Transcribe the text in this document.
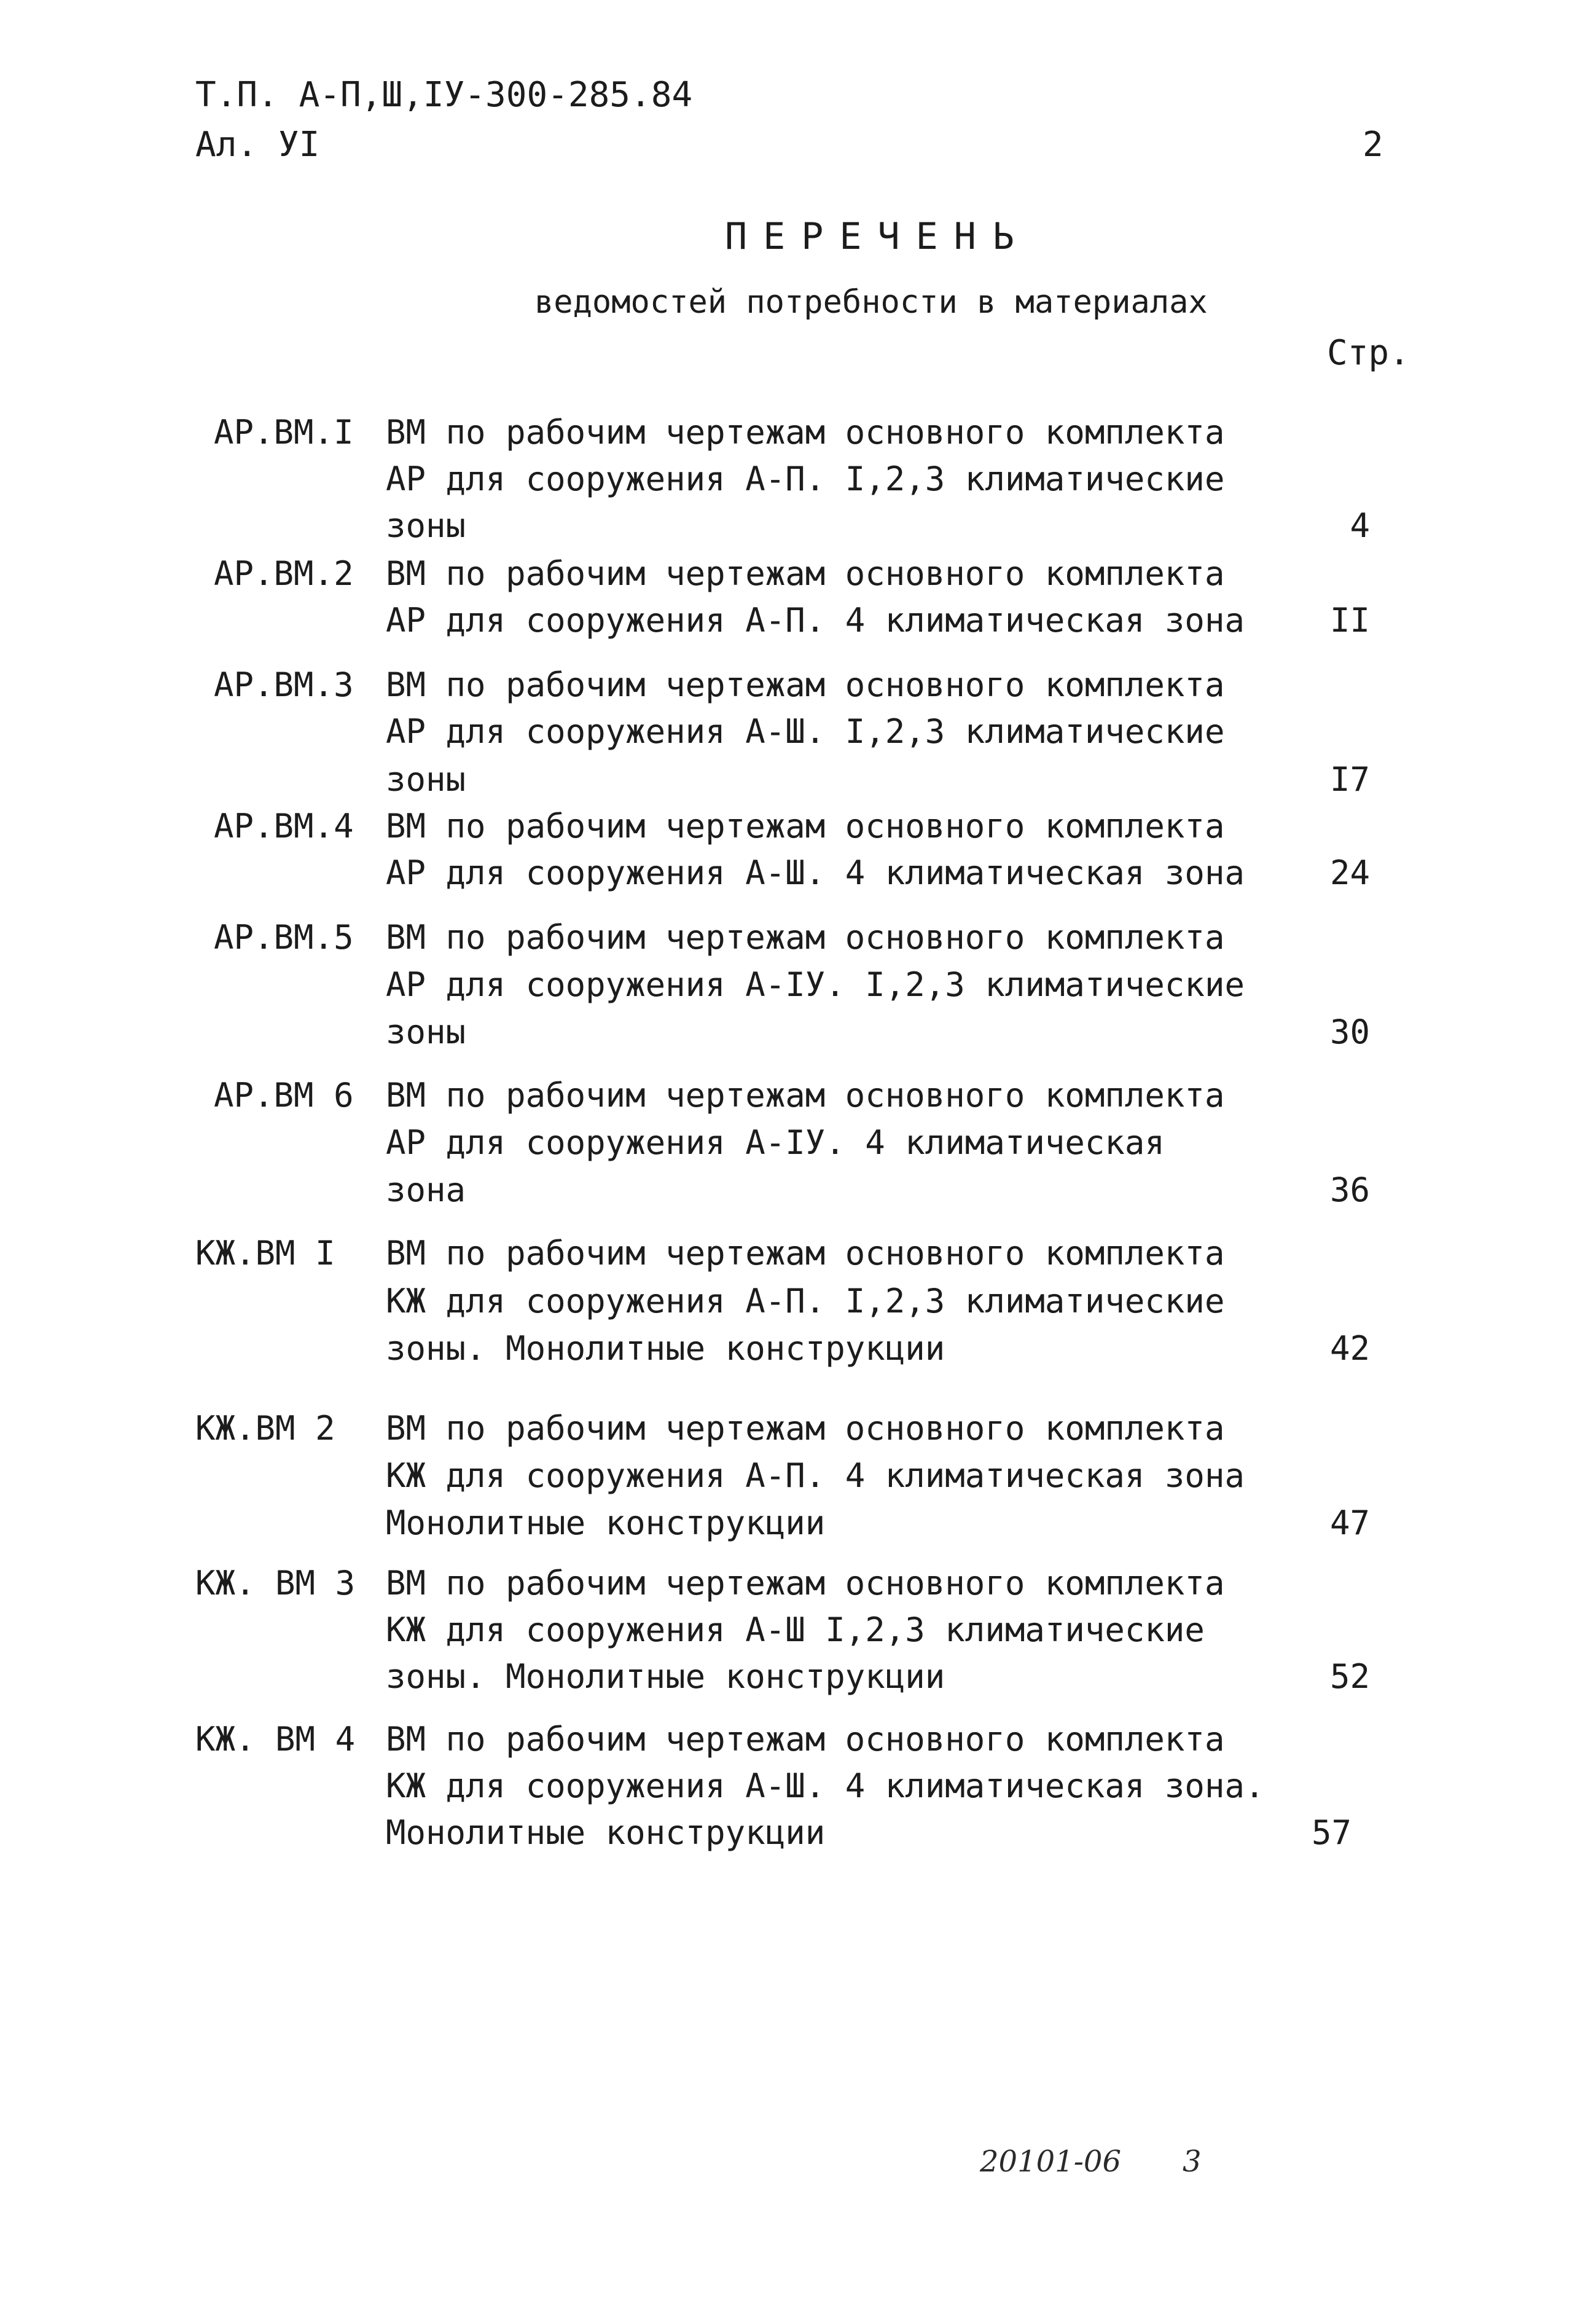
Т.П. А-П,Ш,IУ-300-285.84
Ал. УI	2
ПЕРЕЧЕНЬ
ведомостей потребности в материалах
Стр.
АР.ВМ.I ВМ по рабочим чертежам основного комплекта
АР для сооружения А-П. I,2,3 климатические
зоны	4
АР.ВМ.2 ВМ по рабочим чертежам основного комплекта
АР для сооружения А-П. 4 климатическая зона	II
АР.ВМ.3 ВМ по рабочим чертежам основного комплекта
АР для сооружения А-Ш. I,2,3 климатические
зоны	I7
АР.ВМ.4 ВМ по рабочим чертежам основного комплекта
АР для сооружения А-Ш. 4 климатическая зона	24
АР.ВМ.5 ВМ по рабочим чертежам основного комплекта
АР для сооружения А-IУ. I,2,3 климатические
зоны	30
АР.ВМ 6 ВМ по рабочим чертежам основного комплекта
АР для сооружения А-IУ. 4 климатическая
зона	36
КЖ.ВМ I ВМ по рабочим чертежам основного комплекта
КЖ для сооружения А-П. I,2,3 климатические
зоны. Монолитные конструкции	42
КЖ.ВМ 2 ВМ по рабочим чертежам основного комплекта
КЖ для сооружения А-П. 4 климатическая зона
Монолитные конструкции	47
КЖ. ВМ 3 ВМ по рабочим чертежам основного комплекта
КЖ для сооружения А-Ш I,2,3 климатические
зоны. Монолитные конструкции	52
КЖ. ВМ 4 ВМ по рабочим чертежам основного комплекта
КЖ для сооружения А-Ш. 4 климатическая зона.
Монолитные конструкции	57
20101-06 3
